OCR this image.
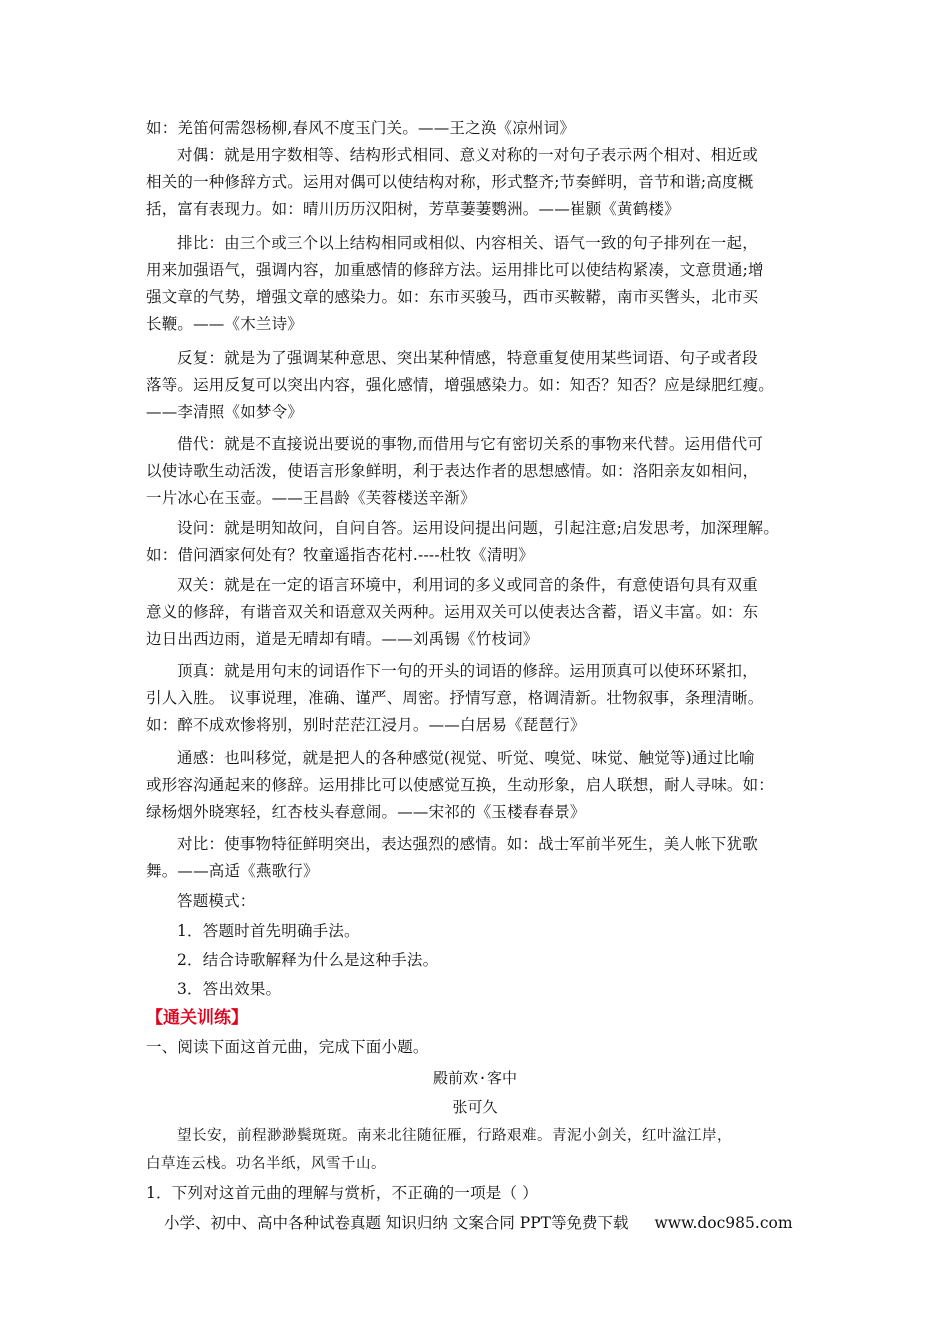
如：羌笛何需怨杨柳,春风不度玉门关。——王之涣《凉州词》
对偶：就是用字数相等、结构形式相同、意义对称的一对句子表示两个相对、相近或
相关的一种修辞方式。运用对偶可以使结构对称，形式整齐;节奏鲜明，音节和谐;高度概
括，富有表现力。如：晴川历历汉阳树，芳草萋萋鹦洲。——崔颢《黄鹤楼》
排比：由三个或三个以上结构相同或相似、内容相关、语气一致的句子排列在一起，
用来加强语气，强调内容，加重感情的修辞方法。运用排比可以使结构紧凑，文意贯通;增
强文章的气势，增强文章的感染力。如：东市买骏马，西市买鞍鞯，南市买辔头，北市买
长鞭。——《木兰诗》
反复：就是为了强调某种意思、突出某种情感，特意重复使用某些词语、句子或者段
落等。运用反复可以突出内容，强化感情，增强感染力。如：知否？知否？应是绿肥红瘦。
——李清照《如梦令》
借代：就是不直接说出要说的事物,而借用与它有密切关系的事物来代替。运用借代可
以使诗歌生动活泼，使语言形象鲜明，利于表达作者的思想感情。如：洛阳亲友如相问，
一片冰心在玉壶。——王昌龄《芙蓉楼送辛渐》
设问：就是明知故问，自问自答。运用设问提出问题，引起注意;启发思考，加深理解。
如：借问酒家何处有？牧童遥指杏花村.----杜牧《清明》
双关：就是在一定的语言环境中，利用词的多义或同音的条件，有意使语句具有双重
意义的修辞，有谐音双关和语意双关两种。运用双关可以使表达含蓄，语义丰富。如：东
边日出西边雨，道是无晴却有晴。——刘禹锡《竹枝词》
顶真：就是用句末的词语作下一句的开头的词语的修辞。运用顶真可以使环环紧扣，
引人入胜。 议事说理，准确、谨严、周密。抒情写意，格调清新。壮物叙事，条理清晰。
如：醉不成欢惨将别，别时茫茫江浸月。——白居易《琵琶行》
通感：也叫移觉，就是把人的各种感觉(视觉、听觉、嗅觉、味觉、触觉等)通过比喻
或形容沟通起来的修辞。运用排比可以使感觉互换，生动形象，启人联想，耐人寻味。如：
绿杨烟外晓寒轻，红杏枝头春意闹。——宋祁的《玉楼春春景》
对比：使事物特征鲜明突出，表达强烈的感情。如：战士军前半死生，美人帐下犹歌
舞。——高适《燕歌行》
答题模式：
1．答题时首先明确手法。
2．结合诗歌解释为什么是这种手法。
3．答出效果。
【通关训练】
一、阅读下面这首元曲，完成下面小题。
殿前欢·客中
张可久
望长安，前程渺渺鬓斑斑。南来北往随征雁，行路艰难。青泥小剑关，红叶湓江岸，
白草连云栈。功名半纸，风雪千山。
1．下列对这首元曲的理解与赏析，不正确的一项是（ ）
小学、初中、高中各种试卷真题 知识归纳 文案合同 PPT等免费下载 www.doc985.com
